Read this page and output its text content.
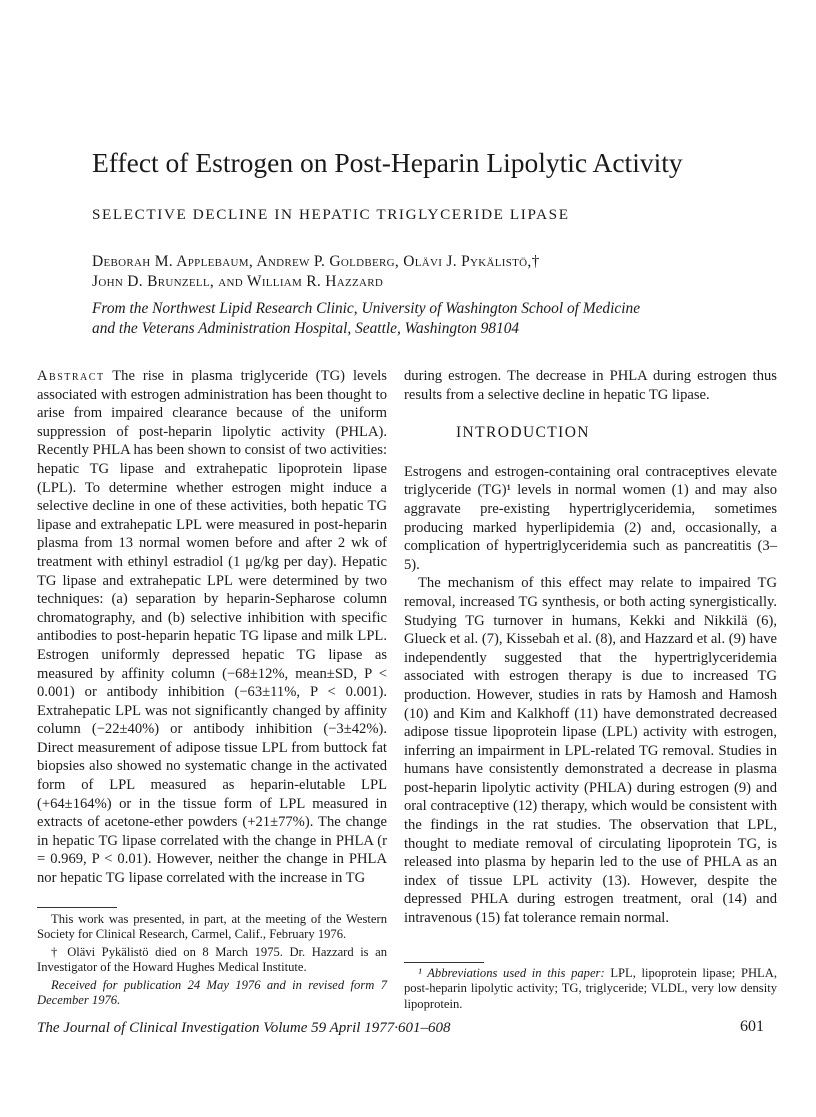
Effect of Estrogen on Post-Heparin Lipolytic Activity
SELECTIVE DECLINE IN HEPATIC TRIGLYCERIDE LIPASE
Deborah M. Applebaum, Andrew P. Goldberg, Olävi J. Pykälistö,†
John D. Brunzell, and William R. Hazzard
From the Northwest Lipid Research Clinic, University of Washington School of Medicine
and the Veterans Administration Hospital, Seattle, Washington 98104

Abstract The rise in plasma triglyceride (TG) levels associated with estrogen administration has been thought to arise from impaired clearance because of the uniform suppression of post-heparin lipolytic activity (PHLA). Recently PHLA has been shown to consist of two activities: hepatic TG lipase and extrahepatic lipoprotein lipase (LPL). To determine whether estrogen might induce a selective decline in one of these activities, both hepatic TG lipase and extrahepatic LPL were measured in post-heparin plasma from 13 normal women before and after 2 wk of treatment with ethinyl estradiol (1 μg/kg per day). Hepatic TG lipase and extrahepatic LPL were determined by two techniques: (a) separation by heparin-Sepharose column chromatography, and (b) selective inhibition with specific antibodies to post-heparin hepatic TG lipase and milk LPL. Estrogen uniformly depressed hepatic TG lipase as measured by affinity column (−68±12%, mean±SD, P < 0.001) or antibody inhibition (−63±11%, P < 0.001). Extrahepatic LPL was not significantly changed by affinity column (−22±40%) or antibody inhibition (−3±42%). Direct measurement of adipose tissue LPL from buttock fat biopsies also showed no systematic change in the activated form of LPL measured as heparin-elutable LPL (+64±164%) or in the tissue form of LPL measured in extracts of acetone-ether powders (+21±77%). The change in hepatic TG lipase correlated with the change in PHLA (r = 0.969, P < 0.01). However, neither the change in PHLA nor hepatic TG lipase correlated with the increase in TG

during estrogen. The decrease in PHLA during estrogen thus results from a selective decline in hepatic TG lipase.

INTRODUCTION

Estrogens and estrogen-containing oral contraceptives elevate triglyceride (TG)¹ levels in normal women (1) and may also aggravate pre-existing hypertriglyceridemia, sometimes producing marked hyperlipidemia (2) and, occasionally, a complication of hypertriglyceridemia such as pancreatitis (3–5).

The mechanism of this effect may relate to impaired TG removal, increased TG synthesis, or both acting synergistically. Studying TG turnover in humans, Kekki and Nikkilä (6), Glueck et al. (7), Kissebah et al. (8), and Hazzard et al. (9) have independently suggested that the hypertriglyceridemia associated with estrogen therapy is due to increased TG production. However, studies in rats by Hamosh and Hamosh (10) and Kim and Kalkhoff (11) have demonstrated decreased adipose tissue lipoprotein lipase (LPL) activity with estrogen, inferring an impairment in LPL-related TG removal. Studies in humans have consistently demonstrated a decrease in plasma post-heparin lipolytic activity (PHLA) during estrogen (9) and oral contraceptive (12) therapy, which would be consistent with the findings in the rat studies. The observation that LPL, thought to mediate removal of circulating lipoprotein TG, is released into plasma by heparin led to the use of PHLA as an index of tissue LPL activity (13). However, despite the depressed PHLA during estrogen treatment, oral (14) and intravenous (15) fat tolerance remain normal.

This work was presented, in part, at the meeting of the Western Society for Clinical Research, Carmel, Calif., February 1976.

† Olävi Pykälistö died on 8 March 1975. Dr. Hazzard is an Investigator of the Howard Hughes Medical Institute.

Received for publication 24 May 1976 and in revised form 7 December 1976.

¹ Abbreviations used in this paper: LPL, lipoprotein lipase; PHLA, post-heparin lipolytic activity; TG, triglyceride; VLDL, very low density lipoprotein.

The Journal of Clinical Investigation Volume 59 April 1977·601–608	601
